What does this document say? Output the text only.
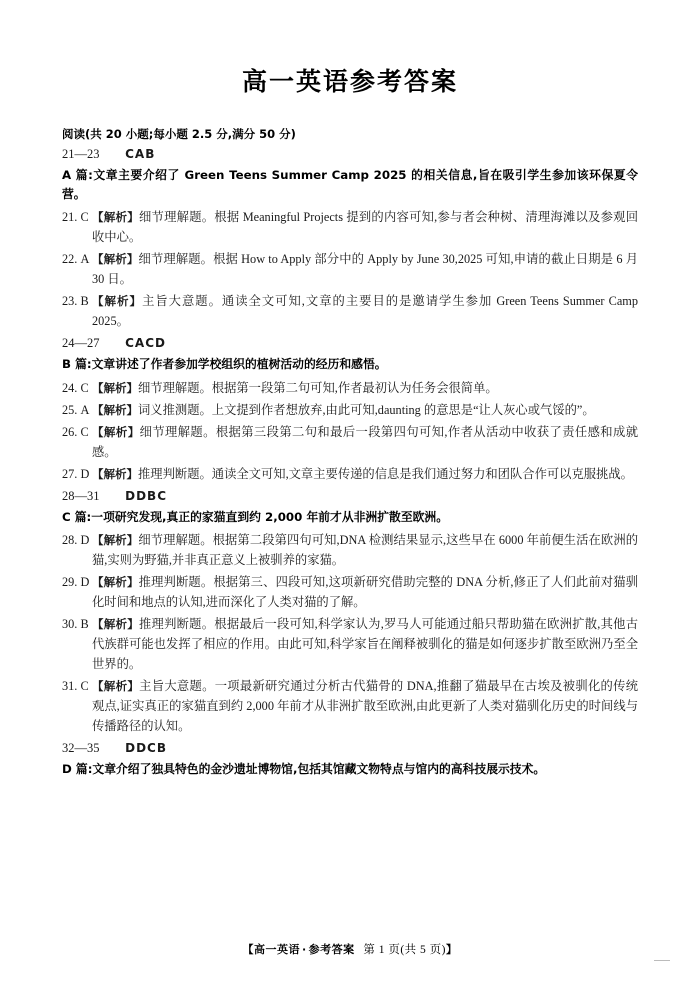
高一英语参考答案
阅读(共 20 小题;每小题 2.5 分,满分 50 分)
21—23 CAB
A 篇:文章主要介绍了 Green Teens Summer Camp 2025 的相关信息,旨在吸引学生参加该环保夏令营。
21. C 【解析】细节理解题。根据 Meaningful Projects 提到的内容可知,参与者会种树、清理海滩以及参观回收中心。
22. A 【解析】细节理解题。根据 How to Apply 部分中的 Apply by June 30,2025 可知,申请的截止日期是 6 月 30 日。
23. B 【解析】主旨大意题。通读全文可知,文章的主要目的是邀请学生参加 Green Teens Summer Camp 2025。
24—27 CACD
B 篇:文章讲述了作者参加学校组织的植树活动的经历和感悟。
24. C 【解析】细节理解题。根据第一段第二句可知,作者最初认为任务会很简单。
25. A 【解析】词义推测题。上文提到作者想放弃,由此可知,daunting 的意思是“让人灰心或气馁的”。
26. C 【解析】细节理解题。根据第三段第二句和最后一段第四句可知,作者从活动中收获了责任感和成就感。
27. D 【解析】推理判断题。通读全文可知,文章主要传递的信息是我们通过努力和团队合作可以克服挑战。
28—31 DDBC
C 篇:一项研究发现,真正的家猫直到约 2,000 年前才从非洲扩散至欧洲。
28. D 【解析】细节理解题。根据第二段第四句可知,DNA 检测结果显示,这些早在 6000 年前便生活在欧洲的猫,实则为野猫,并非真正意义上被驯养的家猫。
29. D 【解析】推理判断题。根据第三、四段可知,这项新研究借助完整的 DNA 分析,修正了人们此前对猫驯化时间和地点的认知,进而深化了人类对猫的了解。
30. B 【解析】推理判断题。根据最后一段可知,科学家认为,罗马人可能通过船只帮助猫在欧洲扩散,其他古代族群可能也发挥了相应的作用。由此可知,科学家旨在阐释被驯化的猫是如何逐步扩散至欧洲乃至全世界的。
31. C 【解析】主旨大意题。一项最新研究通过分析古代猫骨的 DNA,推翻了猫最早在古埃及被驯化的传统观点,证实真正的家猫直到约 2,000 年前才从非洲扩散至欧洲,由此更新了人类对猫驯化历史的时间线与传播路径的认知。
32—35 DDCB
D 篇:文章介绍了独具特色的金沙遗址博物馆,包括其馆藏文物特点与馆内的高科技展示技术。
【高一英语 · 参考答案 第 1 页(共 5 页)】
